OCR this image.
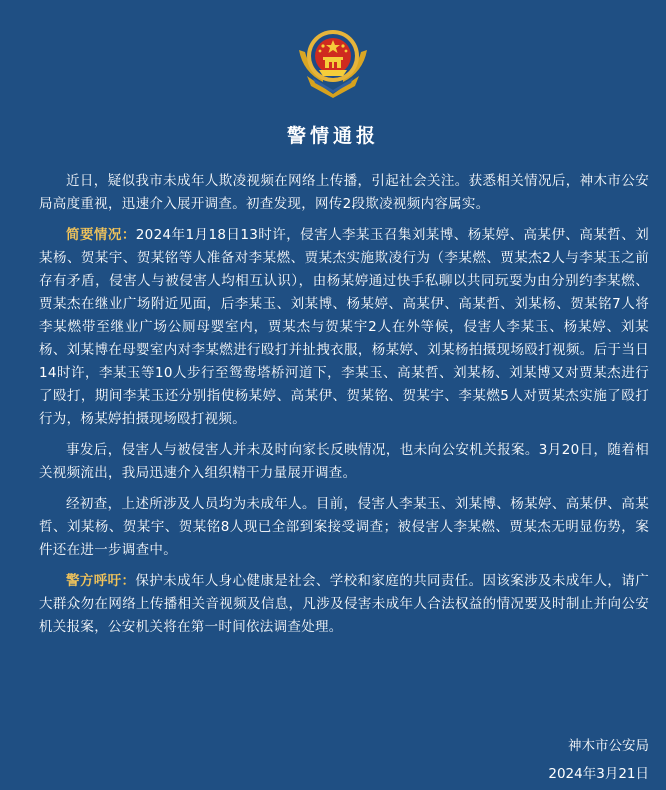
警情通报

近日，疑似我市未成年人欺凌视频在网络上传播，引起社会关注。获悉相关情况后，神木市公安局高度重视，迅速介入展开调查。初查发现，网传2段欺凌视频内容属实。

简要情况：2024年1月18日13时许，侵害人李某玉召集刘某博、杨某婷、高某伊、高某哲、刘某杨、贺某宇、贺某铭等人准备对李某燃、贾某杰实施欺凌行为（李某燃、贾某杰2人与李某玉之前存有矛盾，侵害人与被侵害人均相互认识），由杨某婷通过快手私聊以共同玩耍为由分别约李某燃、贾某杰在继业广场附近见面，后李某玉、刘某博、杨某婷、高某伊、高某哲、刘某杨、贺某铭7人将李某燃带至继业广场公厕母婴室内，贾某杰与贺某宇2人在外等候，侵害人李某玉、杨某婷、刘某杨、刘某博在母婴室内对李某燃进行殴打并扯拽衣服，杨某婷、刘某杨拍摄现场殴打视频。后于当日14时许，李某玉等10人步行至鸳鸯塔桥河道下，李某玉、高某哲、刘某杨、刘某博又对贾某杰进行了殴打，期间李某玉还分别指使杨某婷、高某伊、贺某铭、贺某宇、李某燃5人对贾某杰实施了殴打行为，杨某婷拍摄现场殴打视频。

事发后，侵害人与被侵害人并未及时向家长反映情况，也未向公安机关报案。3月20日，随着相关视频流出，我局迅速介入组织精干力量展开调查。

经初查，上述所涉及人员均为未成年人。目前，侵害人李某玉、刘某博、杨某婷、高某伊、高某哲、刘某杨、贺某宇、贺某铭8人现已全部到案接受调查；被侵害人李某燃、贾某杰无明显伤势，案件还在进一步调查中。

警方呼吁：保护未成年人身心健康是社会、学校和家庭的共同责任。因该案涉及未成年人，请广大群众勿在网络上传播相关音视频及信息，凡涉及侵害未成年人合法权益的情况要及时制止并向公安机关报案，公安机关将在第一时间依法调查处理。

神木市公安局
2024年3月21日
